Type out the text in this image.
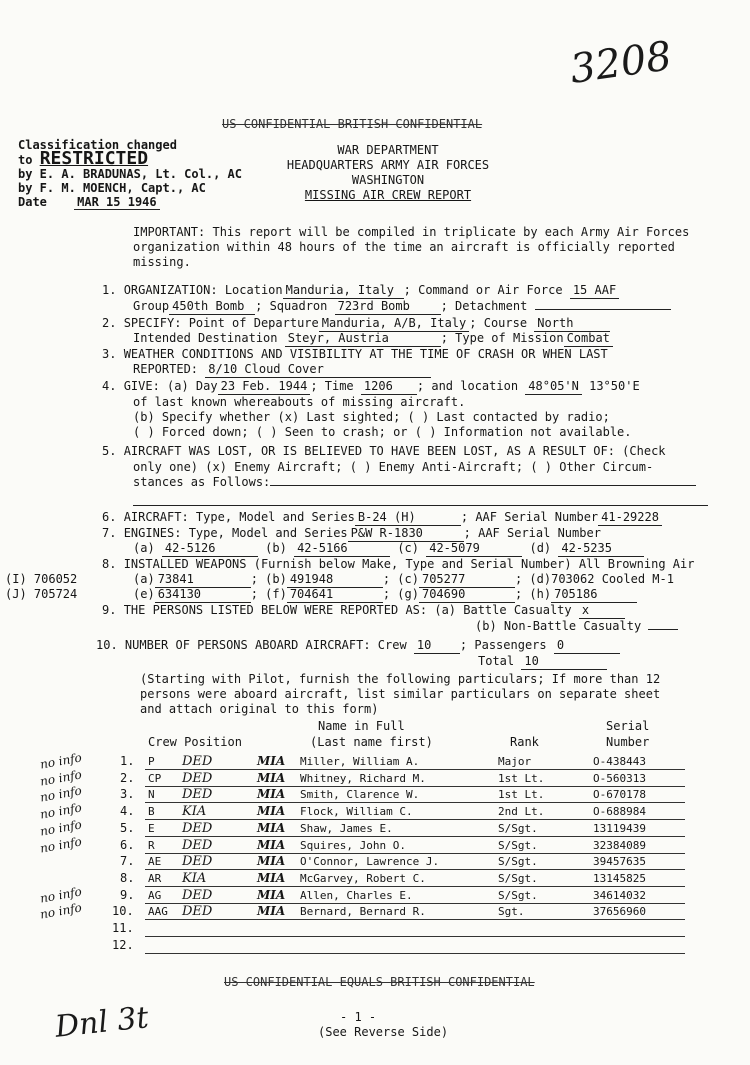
3208
US CONFIDENTIAL BRITISH CONFIDENTIAL
Classification changed
to RESTRICTED
by E. A. BRADUNAS, Lt. Col., AC
by F. M. MOENCH, Capt., AC
Date	MAR 15 1946
WAR DEPARTMENT
HEADQUARTERS ARMY AIR FORCES
WASHINGTON
MISSING AIR CREW REPORT
IMPORTANT: This report will be compiled in triplicate by each Army Air Forces
organization within 48 hours of the time an aircraft is officially reported
missing.
1. ORGANIZATION: Location Manduria, Italy ; Command or Air Force 15 AAF
Group 450th Bomb ; Squadron 723rd Bomb	; Detachment
2. SPECIFY: Point of Departure Manduria, A/B, Italy ; Course North
Intended Destination Steyr, Austria	; Type of Mission Combat
3. WEATHER CONDITIONS AND VISIBILITY AT THE TIME OF CRASH OR WHEN LAST
REPORTED: 8/10 Cloud Cover
4. GIVE: (a) Day 23 Feb. 1944 ; Time 1206 ; and location 48°05'N 13°50'E
of last known whereabouts of missing aircraft.
(b) Specify whether (x) Last sighted; ( ) Last contacted by radio;
( ) Forced down; ( ) Seen to crash; or ( ) Information not available.
5. AIRCRAFT WAS LOST, OR IS BELIEVED TO HAVE BEEN LOST, AS A RESULT OF: (Check
only one) (x) Enemy Aircraft; ( ) Enemy Anti-Aircraft; ( ) Other Circum-
stances as Follows:
6. AIRCRAFT: Type, Model and Series B-24 (H)	; AAF Serial Number 41-29228
7. ENGINES: Type, Model and Series P&W R-1830	; AAF Serial Number
(a) 42-5126	(b) 42-5166	(c) 42-5079	(d) 42-5235
8. INSTALLED WEAPONS (Furnish below Make, Type and Serial Number) All Browning Air
(I) 706052
(J) 705724
(a) 73841	; (b) 491948	; (c) 705277	; (d)703062 Cooled M-1
(e) 634130	; (f) 704641	; (g) 704690	; (h) 705186
9. THE PERSONS LISTED BELOW WERE REPORTED AS: (a) Battle Casualty x
(b) Non-Battle Casualty
10. NUMBER OF PERSONS ABOARD AIRCRAFT: Crew 10 ; Passengers 0
Total 10
(Starting with Pilot, furnish the following particulars; If more than 12
persons were aboard aircraft, list similar particulars on separate sheet
and attach original to this form)
Name in Full	Serial
Crew Position	(Last name first)	Rank	Number
no info	1. P DED	MIA Miller, William A.	Major	O-438443
no info	2. CP DED	MIA Whitney, Richard M.	1st Lt.	O-560313
no info	3. N DED	MIA Smith, Clarence W.	1st Lt.	O-670178
no info	4. B KIA	MIA Flock, William C.	2nd Lt.	O-688984
no info	5. E DED	MIA Shaw, James E.	S/Sgt.	13119439
no info	6. R DED	MIA Squires, John O.	S/Sgt.	32384089
7. AE DED	MIA O'Connor, Lawrence J.	S/Sgt.	39457635
8. AR KIA	MIA McGarvey, Robert C.	S/Sgt.	13145825
no info	9. AG DED	MIA Allen, Charles E.	S/Sgt.	34614032
no info 10. AAG DED	MIA Bernard, Bernard R.	Sgt.	37656960
11.
12.
US CONFIDENTIAL EQUALS BRITISH CONFIDENTIAL
- 1 -
(See Reverse Side)
Dnl 3t
